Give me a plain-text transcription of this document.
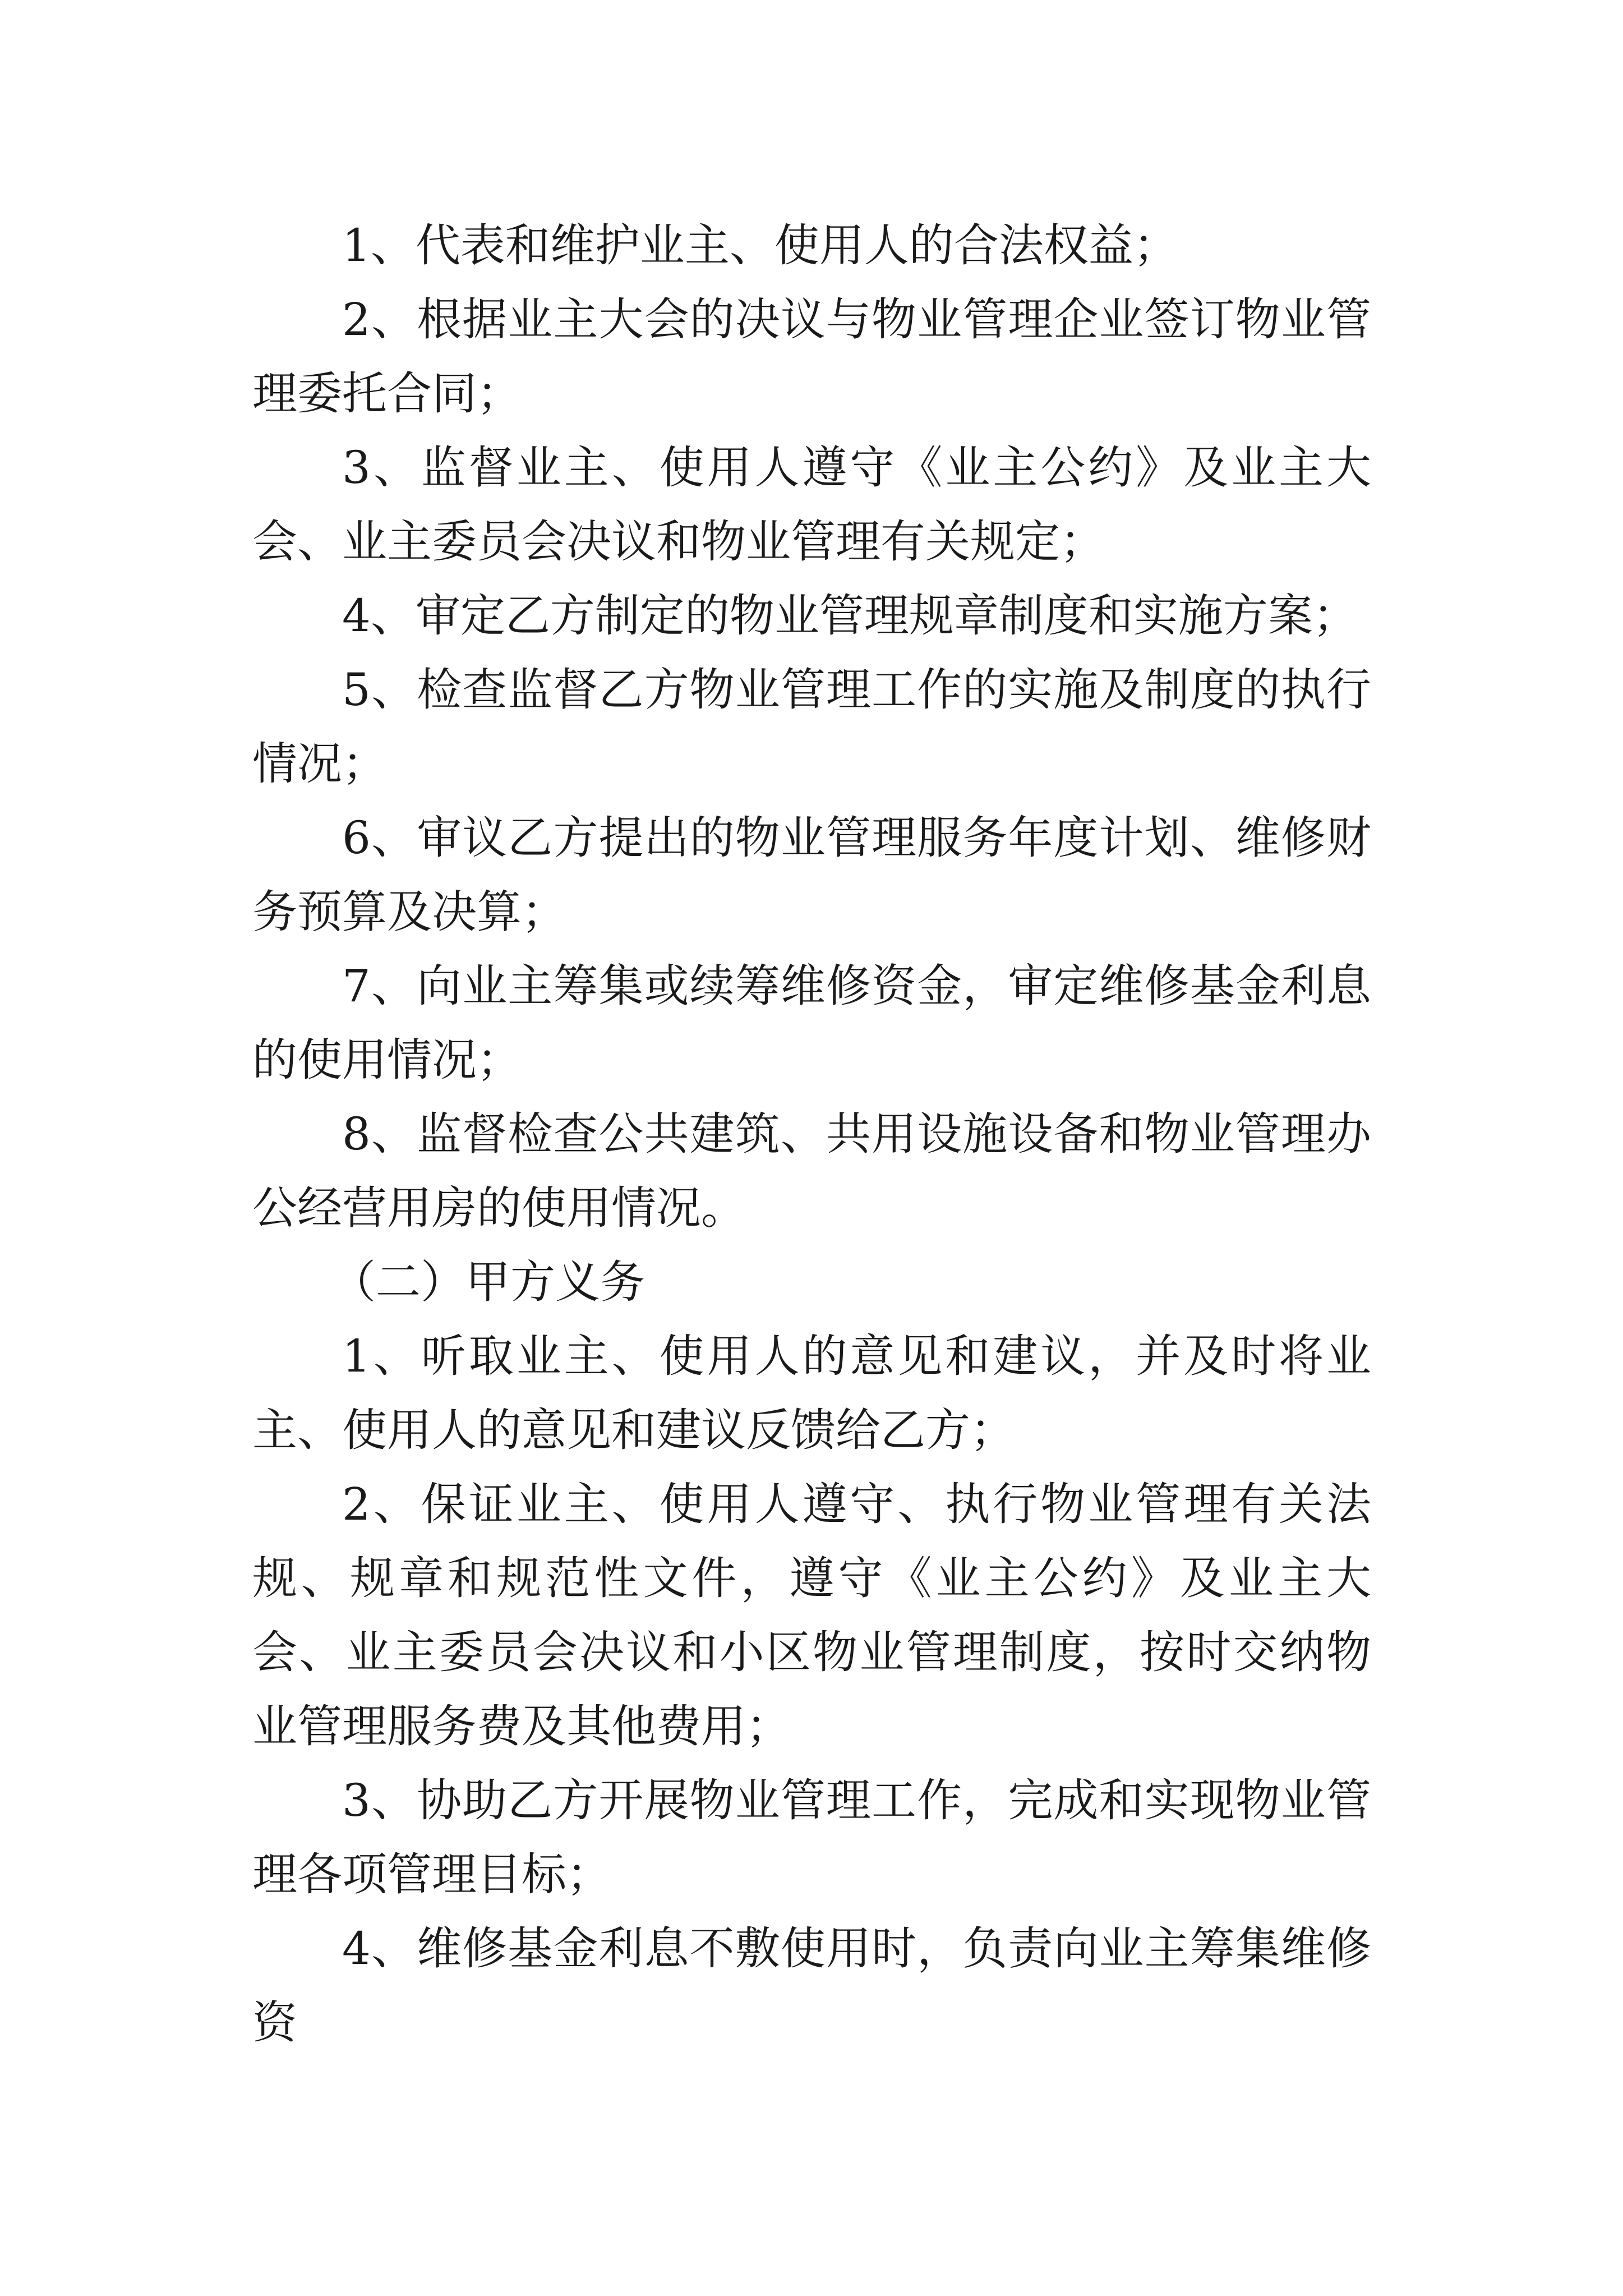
1、代表和维护业主、使用人的合法权益；

2、根据业主大会的决议与物业管理企业签订物业管理委托合同；

3、监督业主、使用人遵守《业主公约》及业主大会、业主委员会决议和物业管理有关规定；

4、审定乙方制定的物业管理规章制度和实施方案；

5、检查监督乙方物业管理工作的实施及制度的执行情况；

6、审议乙方提出的物业管理服务年度计划、维修财务预算及决算；

7、向业主筹集或续筹维修资金，审定维修基金利息的使用情况；

8、监督检查公共建筑、共用设施设备和物业管理办公经营用房的使用情况。

（二）甲方义务

1、听取业主、使用人的意见和建议，并及时将业主、使用人的意见和建议反馈给乙方；

2、保证业主、使用人遵守、执行物业管理有关法规、规章和规范性文件，遵守《业主公约》及业主大会、业主委员会决议和小区物业管理制度，按时交纳物业管理服务费及其他费用；

3、协助乙方开展物业管理工作，完成和实现物业管理各项管理目标；

4、维修基金利息不敷使用时，负责向业主筹集维修资
